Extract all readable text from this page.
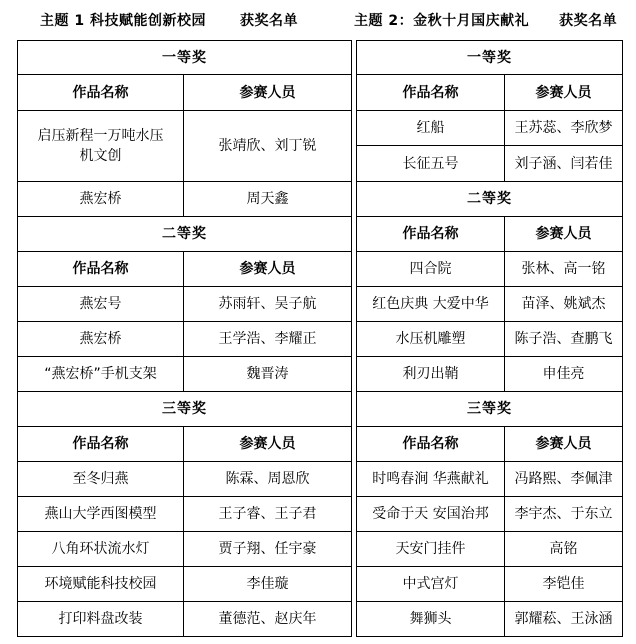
主题 1 科技赋能创新校园 获奖名单
一等奖	
作品名称	参赛人员

启压新程一万吨水压
机文创	张靖欣、刘丁锐
燕宏桥	周天鑫
二等奖	
作品名称	参赛人员
燕宏号	苏雨轩、吴子航
燕宏桥	王学浩、李耀正
“燕宏桥”手机支架	魏晋涛
三等奖	
作品名称	参赛人员
至冬归燕	陈霖、周恩欣
燕山大学西图模型	王子睿、王子君
八角环状流水灯	贾子翔、任宇豪
环境赋能科技校园	李佳璇
打印料盘改装	董德范、赵庆年
主题 2：金秋十月国庆献礼 获奖名单
一等奖	
作品名称	参赛人员
红船	王苏蕊、李欣梦
长征五号	刘子涵、闫若佳
二等奖	
作品名称	参赛人员
四合院	张林、高一铭
红色庆典 大爱中华	苗泽、姚斌杰
水压机雕塑	陈子浩、查鹏飞
利刃出鞘	申佳亮
三等奖	
作品名称	参赛人员
时鸣春涧 华燕献礼	冯路熙、李佩津
受命于天 安国治邦	李宇杰、于东立
天安门挂件	高铭
中式宫灯	李铠佳
舞狮头	郭耀菘、王泳涵
